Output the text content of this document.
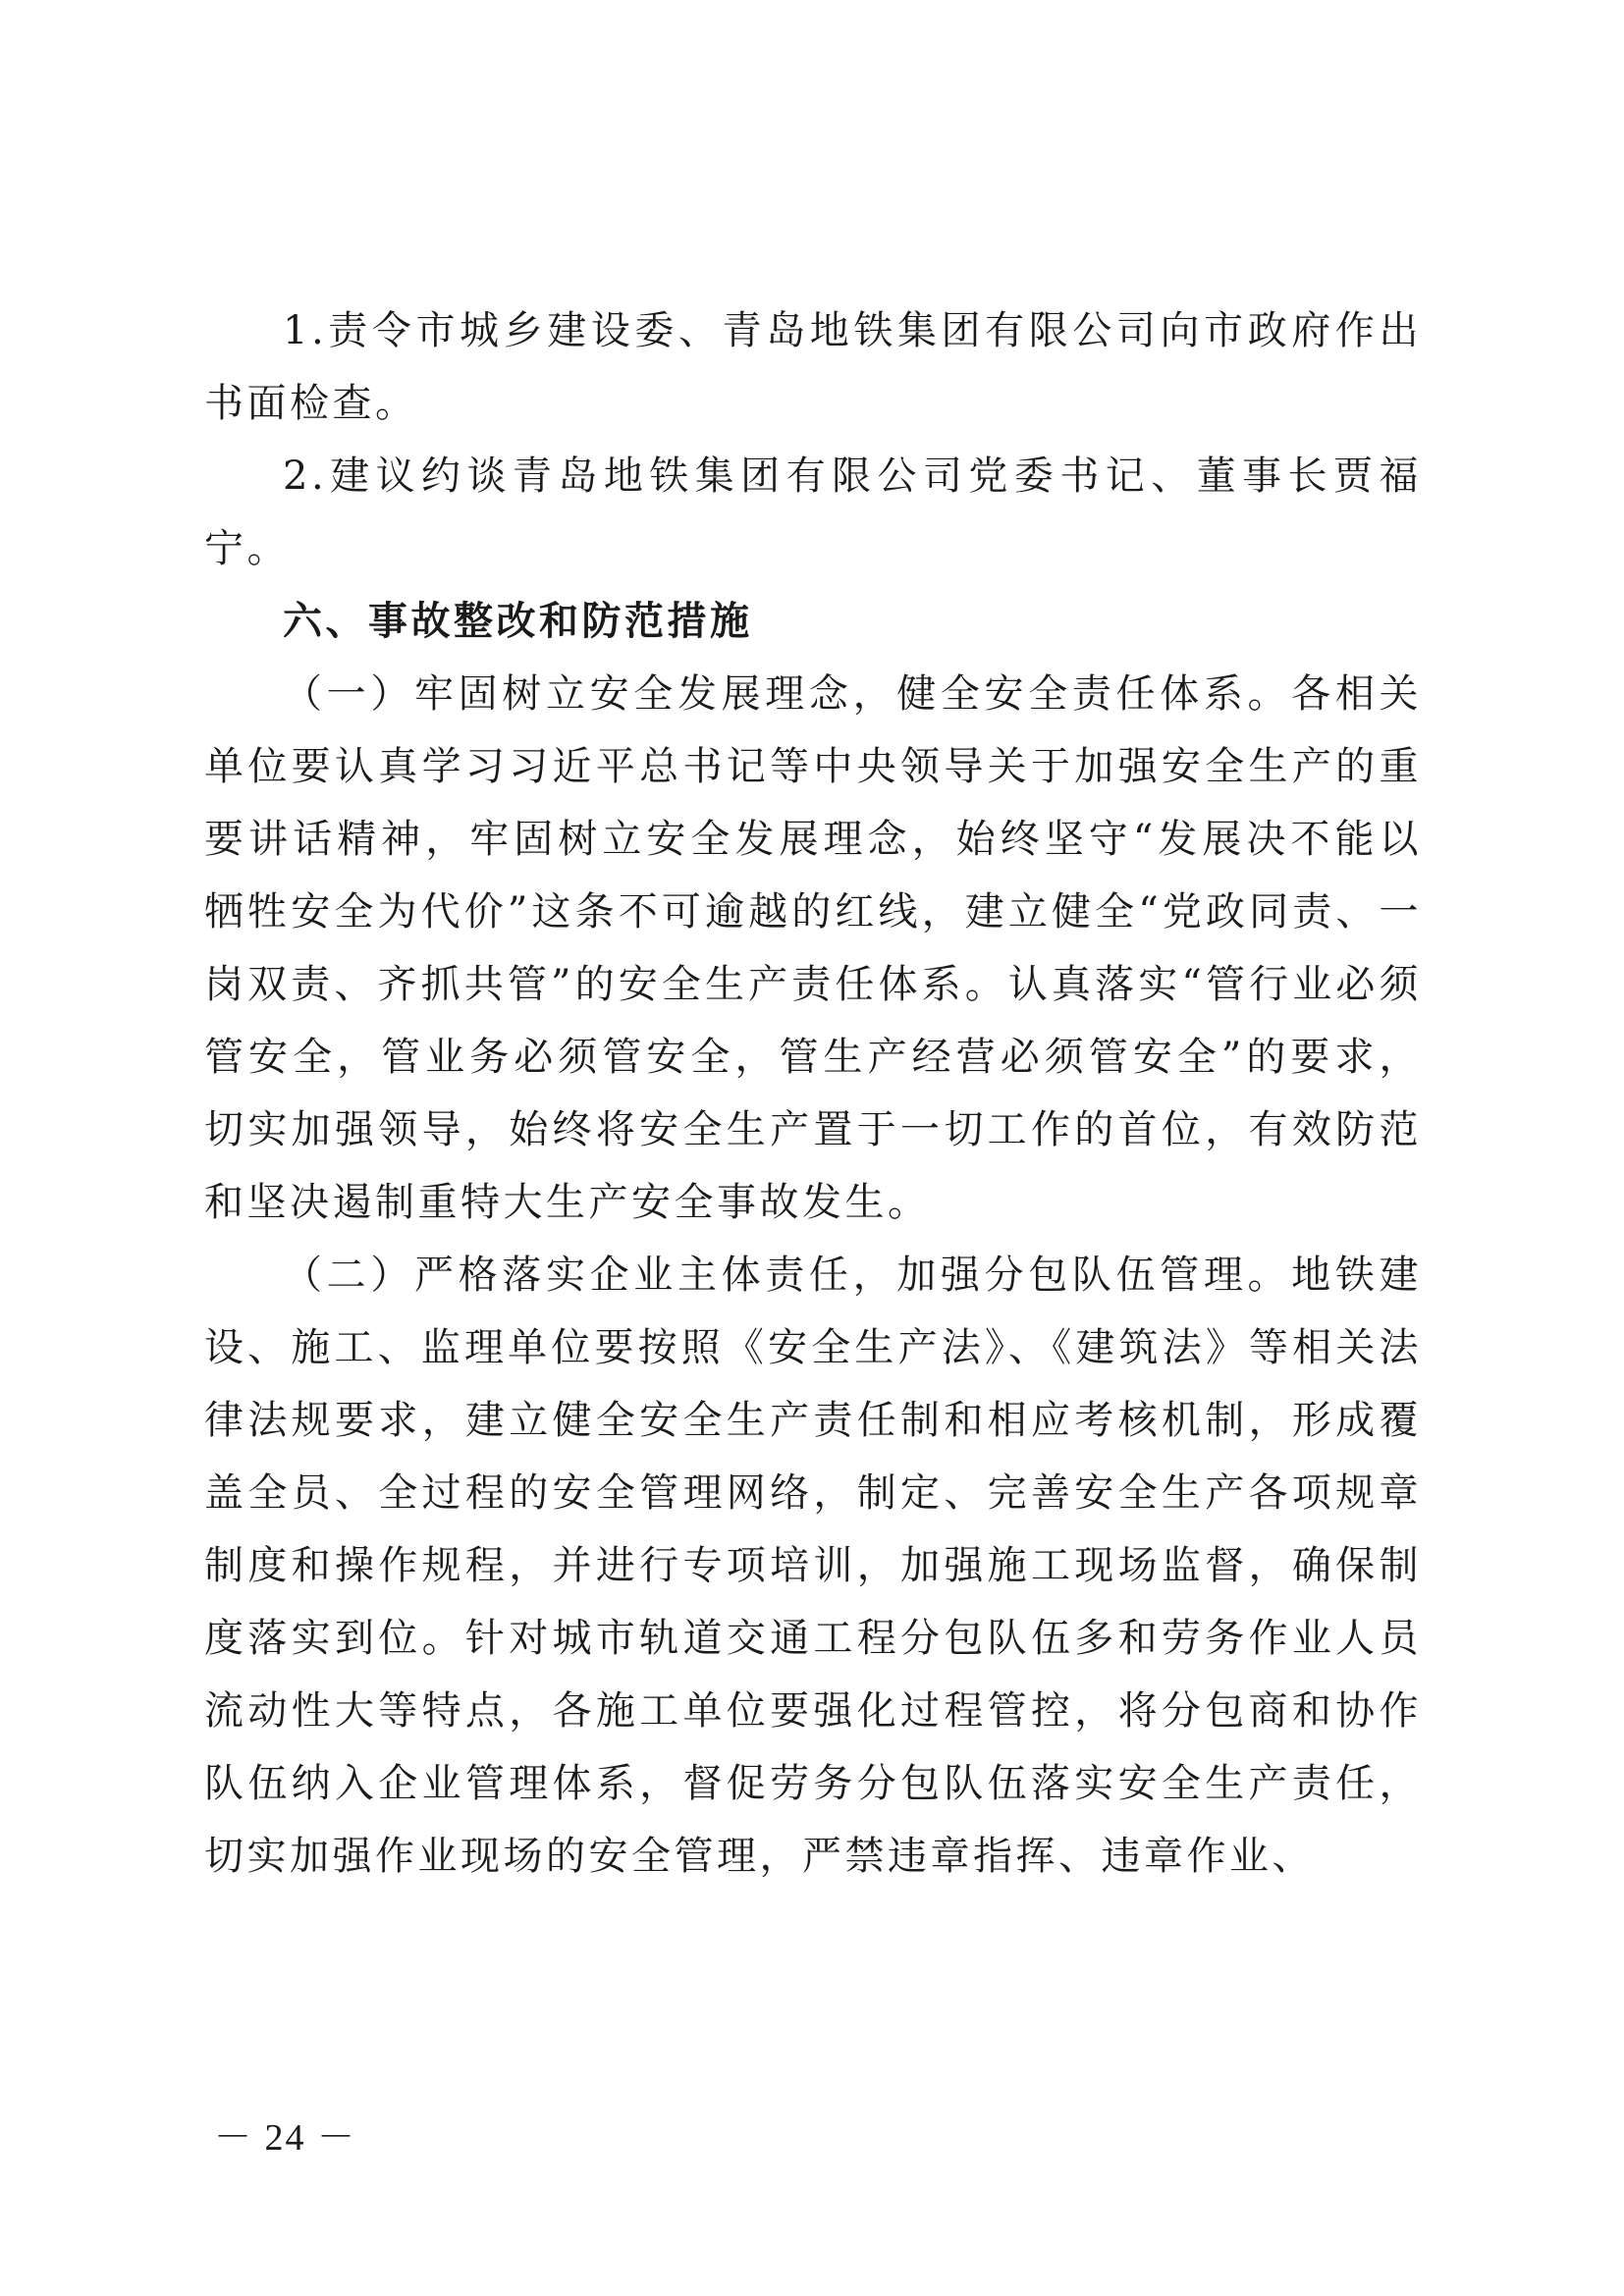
1.责令市城乡建设委、青岛地铁集团有限公司向市政府作出书面检查。

2.建议约谈青岛地铁集团有限公司党委书记、董事长贾福宁。

六、事故整改和防范措施

（一）牢固树立安全发展理念，健全安全责任体系。各相关单位要认真学习习近平总书记等中央领导关于加强安全生产的重要讲话精神，牢固树立安全发展理念，始终坚守“发展决不能以牺牲安全为代价”这条不可逾越的红线，建立健全“党政同责、一岗双责、齐抓共管”的安全生产责任体系。认真落实“管行业必须管安全，管业务必须管安全，管生产经营必须管安全”的要求，切实加强领导，始终将安全生产置于一切工作的首位，有效防范和坚决遏制重特大生产安全事故发生。

（二）严格落实企业主体责任，加强分包队伍管理。地铁建设、施工、监理单位要按照《安全生产法》、《建筑法》等相关法律法规要求，建立健全安全生产责任制和相应考核机制，形成覆盖全员、全过程的安全管理网络，制定、完善安全生产各项规章制度和操作规程，并进行专项培训，加强施工现场监督，确保制度落实到位。针对城市轨道交通工程分包队伍多和劳务作业人员流动性大等特点，各施工单位要强化过程管控，将分包商和协作队伍纳入企业管理体系，督促劳务分包队伍落实安全生产责任，切实加强作业现场的安全管理，严禁违章指挥、违章作业、

－ 24 －
